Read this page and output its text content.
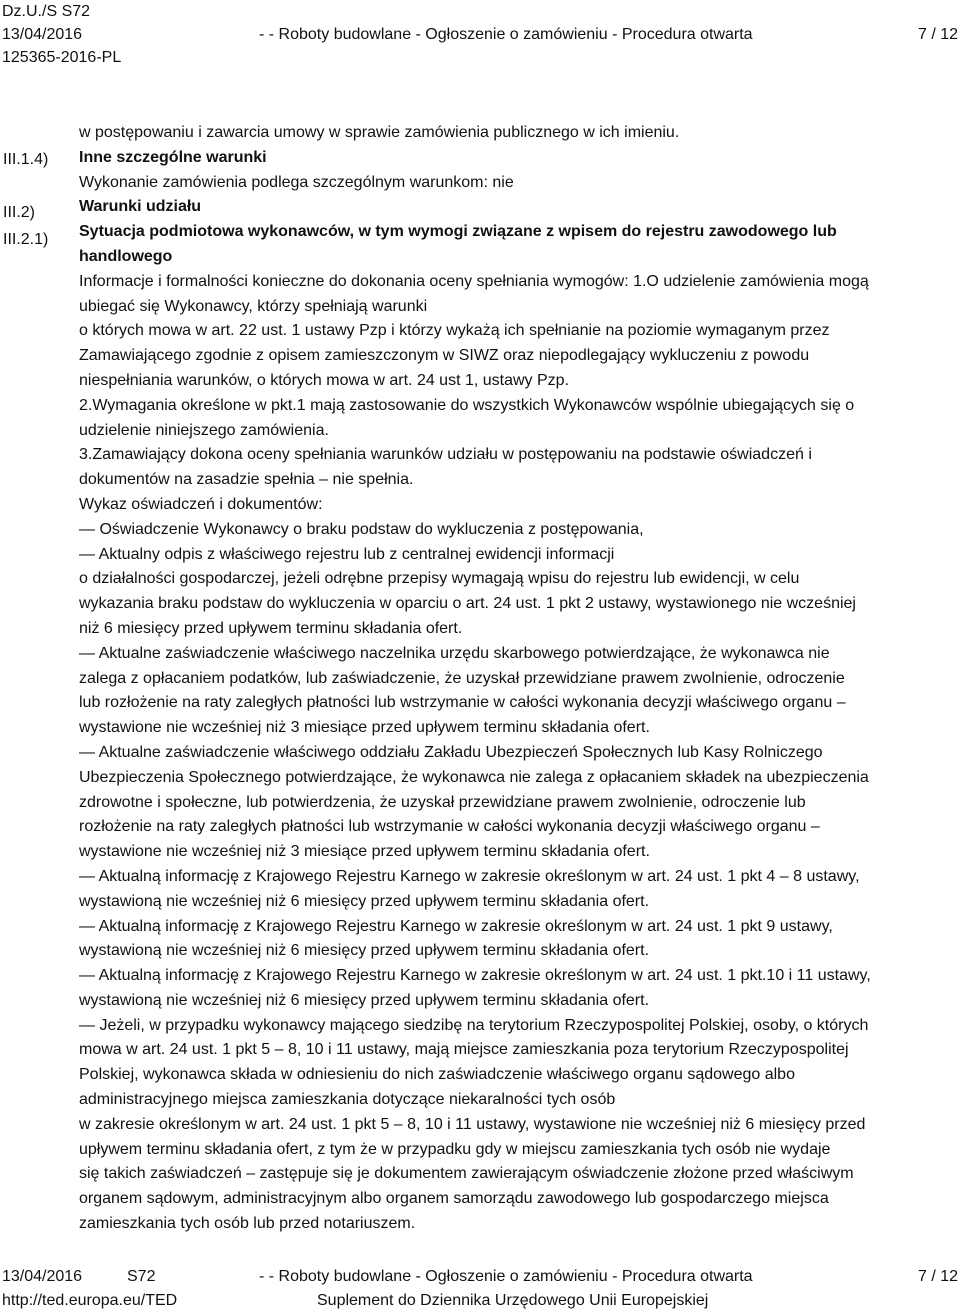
Dz.U./S S72
13/04/2016	- - Roboty budowlane - Ogłoszenie o zamówieniu - Procedura otwarta	7 / 12
125365-2016-PL
III.1.4)
III.2)
III.2.1)
w postępowaniu i zawarcia umowy w sprawie zamówienia publicznego w ich imieniu.
Inne szczególne warunki
Wykonanie zamówienia podlega szczególnym warunkom: nie
Warunki udziału
Sytuacja podmiotowa wykonawców, w tym wymogi związane z wpisem do rejestru zawodowego lub
handlowego
Informacje i formalności konieczne do dokonania oceny spełniania wymogów: 1.O udzielenie zamówienia mogą
ubiegać się Wykonawcy, którzy spełniają warunki
o których mowa w art. 22 ust. 1 ustawy Pzp i którzy wykażą ich spełnianie na poziomie wymaganym przez
Zamawiającego zgodnie z opisem zamieszczonym w SIWZ oraz niepodlegający wykluczeniu z powodu
niespełniania warunków, o których mowa w art. 24 ust 1, ustawy Pzp.
2.Wymagania określone w pkt.1 mają zastosowanie do wszystkich Wykonawców wspólnie ubiegających się o
udzielenie niniejszego zamówienia.
3.Zamawiający dokona oceny spełniania warunków udziału w postępowaniu na podstawie oświadczeń i
dokumentów na zasadzie spełnia – nie spełnia.
Wykaz oświadczeń i dokumentów:
— Oświadczenie Wykonawcy o braku podstaw do wykluczenia z postępowania,
— Aktualny odpis z właściwego rejestru lub z centralnej ewidencji informacji
o działalności gospodarczej, jeżeli odrębne przepisy wymagają wpisu do rejestru lub ewidencji, w celu
wykazania braku podstaw do wykluczenia w oparciu o art. 24 ust. 1 pkt 2 ustawy, wystawionego nie wcześniej
niż 6 miesięcy przed upływem terminu składania ofert.
— Aktualne zaświadczenie właściwego naczelnika urzędu skarbowego potwierdzające, że wykonawca nie
zalega z opłacaniem podatków, lub zaświadczenie, że uzyskał przewidziane prawem zwolnienie, odroczenie
lub rozłożenie na raty zaległych płatności lub wstrzymanie w całości wykonania decyzji właściwego organu –
wystawione nie wcześniej niż 3 miesiące przed upływem terminu składania ofert.
— Aktualne zaświadczenie właściwego oddziału Zakładu Ubezpieczeń Społecznych lub Kasy Rolniczego
Ubezpieczenia Społecznego potwierdzające, że wykonawca nie zalega z opłacaniem składek na ubezpieczenia
zdrowotne i społeczne, lub potwierdzenia, że uzyskał przewidziane prawem zwolnienie, odroczenie lub
rozłożenie na raty zaległych płatności lub wstrzymanie w całości wykonania decyzji właściwego organu –
wystawione nie wcześniej niż 3 miesiące przed upływem terminu składania ofert.
— Aktualną informację z Krajowego Rejestru Karnego w zakresie określonym w art. 24 ust. 1 pkt 4 – 8 ustawy,
wystawioną nie wcześniej niż 6 miesięcy przed upływem terminu składania ofert.
— Aktualną informację z Krajowego Rejestru Karnego w zakresie określonym w art. 24 ust. 1 pkt 9 ustawy,
wystawioną nie wcześniej niż 6 miesięcy przed upływem terminu składania ofert.
— Aktualną informację z Krajowego Rejestru Karnego w zakresie określonym w art. 24 ust. 1 pkt.10 i 11 ustawy,
wystawioną nie wcześniej niż 6 miesięcy przed upływem terminu składania ofert.
— Jeżeli, w przypadku wykonawcy mającego siedzibę na terytorium Rzeczypospolitej Polskiej, osoby, o których
mowa w art. 24 ust. 1 pkt 5 – 8, 10 i 11 ustawy, mają miejsce zamieszkania poza terytorium Rzeczypospolitej
Polskiej, wykonawca składa w odniesieniu do nich zaświadczenie właściwego organu sądowego albo
administracyjnego miejsca zamieszkania dotyczące niekaralności tych osób
w zakresie określonym w art. 24 ust. 1 pkt 5 – 8, 10 i 11 ustawy, wystawione nie wcześniej niż 6 miesięcy przed
upływem terminu składania ofert, z tym że w przypadku gdy w miejscu zamieszkania tych osób nie wydaje
się takich zaświadczeń – zastępuje się je dokumentem zawierającym oświadczenie złożone przed właściwym
organem sądowym, administracyjnym albo organem samorządu zawodowego lub gospodarczego miejsca
zamieszkania tych osób lub przed notariuszem.
13/04/2016	S72	- - Roboty budowlane - Ogłoszenie o zamówieniu - Procedura otwarta	7 / 12
http://ted.europa.eu/TED	Suplement do Dziennika Urzędowego Unii Europejskiej
